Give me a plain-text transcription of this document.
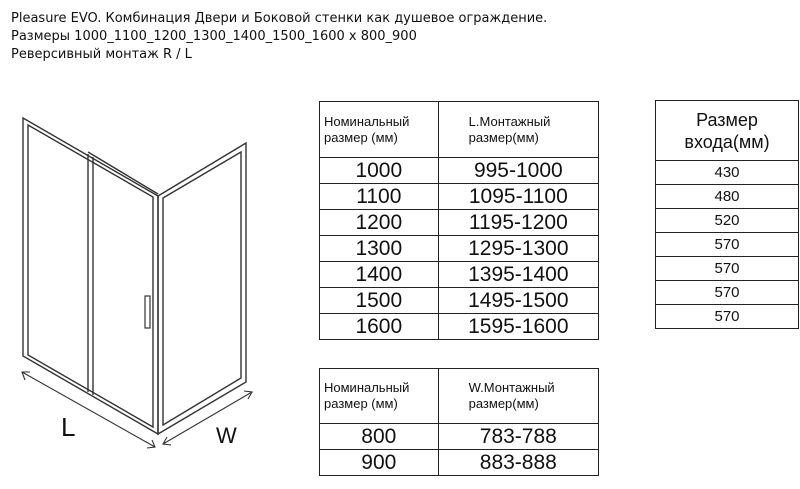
Pleasure EVO. Комбинация Двери и Боковой стенки как душевое ограждение.
Размеры 1000_1100_1200_1300_1400_1500_1600 x 800_900
Реверсивный монтаж R / L
L	W
Номинальный размер (мм)	L.Монтажный размер(мм)
1000	995-1000
1100	1095-1100
1200	1195-1200
1300	1295-1300
1400	1395-1400
1500	1495-1500
1600	1595-1600
Номинальный размер (мм)	W.Монтажный размер(мм)
800	783-788
900	883-888
Размер входа(мм)
430
480
520
570
570
570
570
